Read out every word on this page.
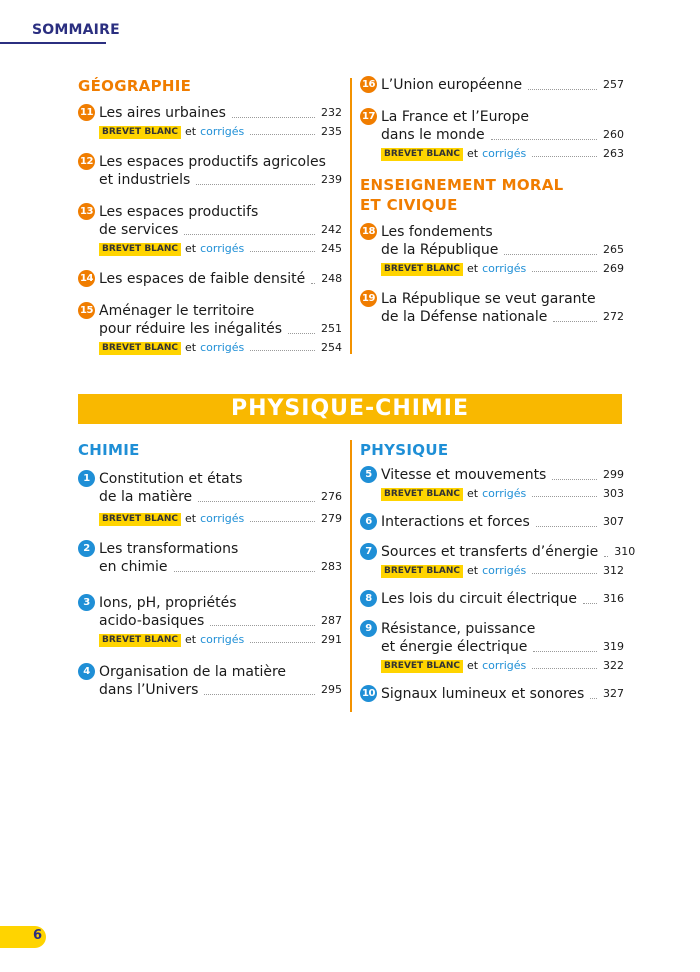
SOMMAIRE
GÉOGRAPHIE
11 Les aires urbaines	232
BREVET BLANC et corrigés	235
12 Les espaces productifs agricoles
et industriels	239
13 Les espaces productifs
de services	242
BREVET BLANC et corrigés	245
14 Les espaces de faible densité 248
15 Aménager le territoire
pour réduire les inégalités	251
BREVET BLANC et corrigés	254
16 L’Union européenne	257
17 La France et l’Europe
dans le monde	260
BREVET BLANC et corrigés	263
ENSEIGNEMENT MORAL
ET CIVIQUE
18 Les fondements
de la République	265
BREVET BLANC et corrigés	269
19 La République se veut garante
de la Défense nationale	272
PHYSIQUE-CHIMIE
CHIMIE
1 Constitution et états
de la matière	276
BREVET BLANC et corrigés	279
2 Les transformations
en chimie	283
3 Ions, pH, propriétés
acido-basiques	287
BREVET BLANC et corrigés	291
4 Organisation de la matière
dans l’Univers	295
PHYSIQUE
5 Vitesse et mouvements	299
BREVET BLANC et corrigés	303
6 Interactions et forces	307
7 Sources et transferts d’énergie 310
BREVET BLANC et corrigés	312
8 Les lois du circuit électrique 316
9 Résistance, puissance
et énergie électrique	319
BREVET BLANC et corrigés	322
10 Signaux lumineux et sonores 327
6
